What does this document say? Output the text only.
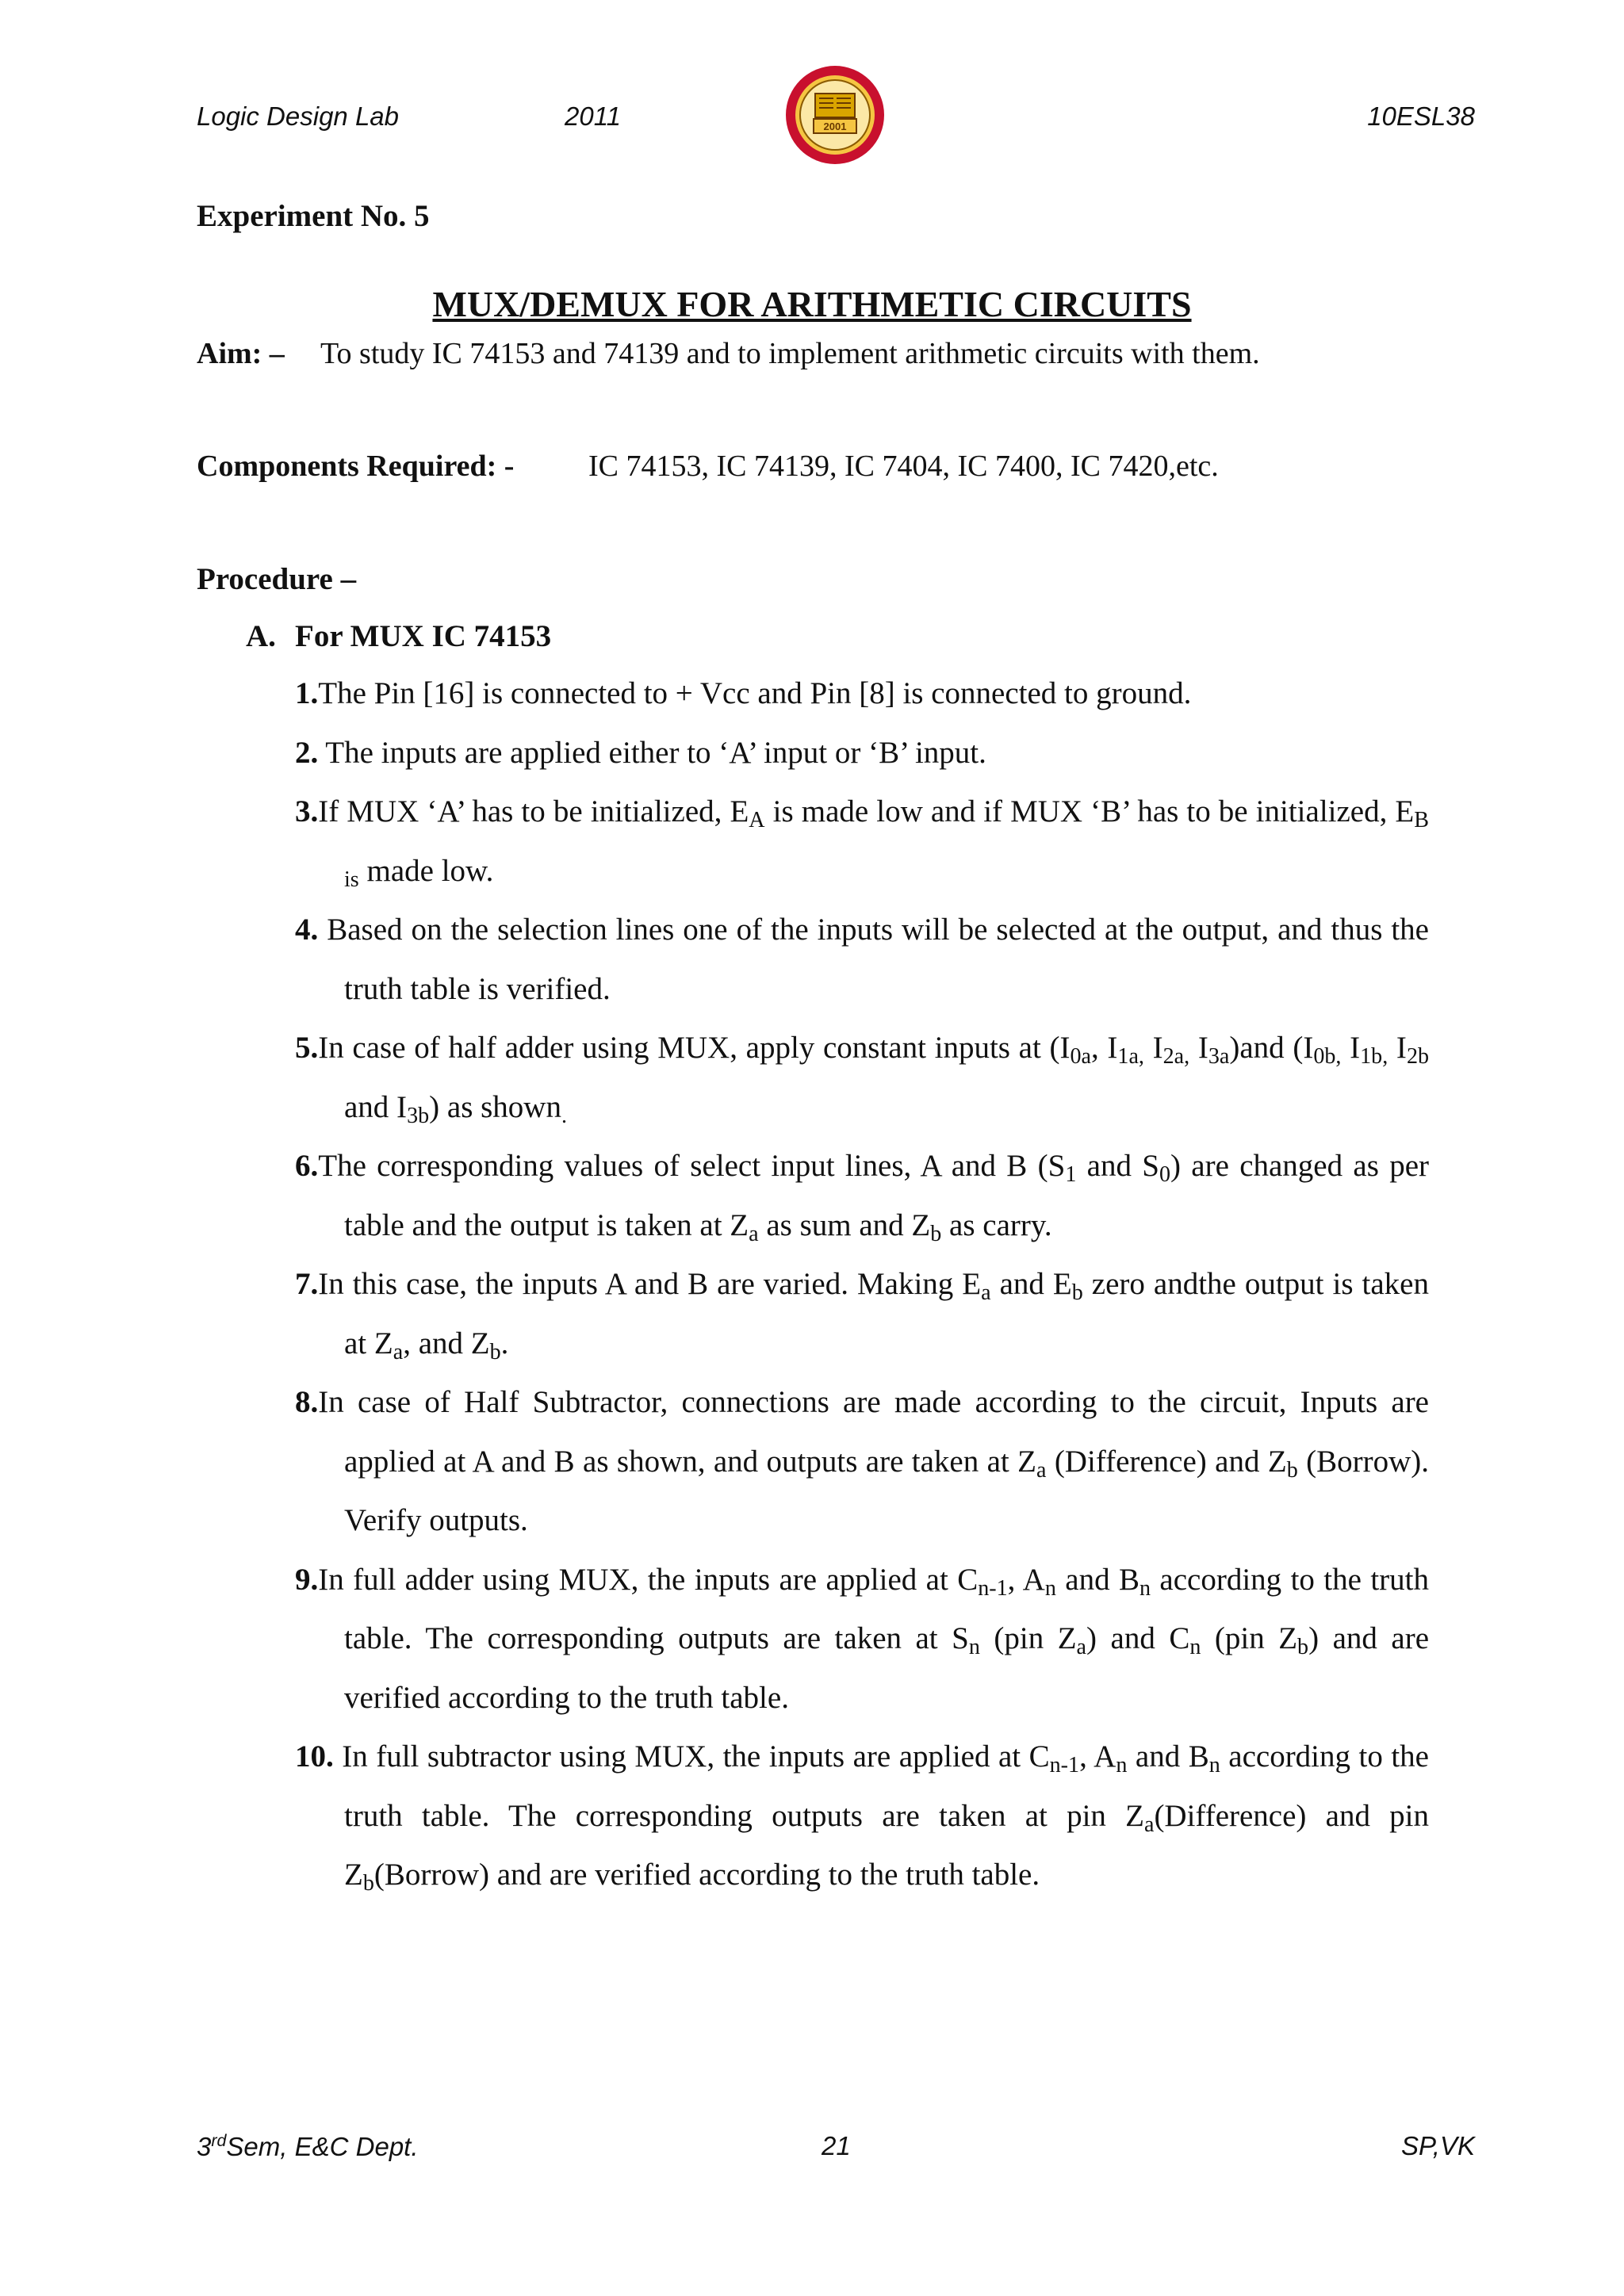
Logic Design Lab	2011	10ESL38
2001
Experiment No. 5
MUX/DEMUX FOR ARITHMETIC CIRCUITS
Aim: – To study IC 74153 and 74139 and to implement arithmetic circuits with them.
Components Required: - IC 74153, IC 74139, IC 7404, IC 7400, IC 7420,etc.
Procedure –
A. For MUX IC 74153
1.The Pin [16] is connected to + Vcc and Pin [8] is connected to ground.
2. The inputs are applied either to ‘A’ input or ‘B’ input.
3.If MUX ‘A’ has to be initialized, $E_A$ is made low and if MUX ‘B’ has to be initialized, $E_{B is}$ made low.
4. Based on the selection lines one of the inputs will be selected at the output, and thus the truth table is verified.
5.In case of half adder using MUX, apply constant inputs at ($I_{0a}$, $I_{1a,}$ $I_{2a,}$ $I_{3a})and$ ($I_{0b,}$ $I_{1b,}$ $I_{2b}$ and $I_{3b}$) as shown$_.$
6.The corresponding values of select input lines, A and B ($S_1$ and $S_0$) are changed as per table and the output is taken at $Z_a$ as sum and $Z_b$ as carry.
7.In this case, the inputs A and B are varied. Making $E_a$ and $E_b$ zero andthe output is taken at $Z_a$, and $Z_b$.
8.In case of Half Subtractor, connections are made according to the circuit, Inputs are applied at A and B as shown, and outputs are taken at $Z_a$ (Difference) and $Z_b$ (Borrow). Verify outputs.
9.In full adder using MUX, the inputs are applied at $C_{n-1}$, $A_n$ and $B_n$ according to the truth table. The corresponding outputs are taken at $S_n$ (pin $Z_a$) and $C_n$ (pin $Z_b$) and are verified according to the truth table.
10. In full subtractor using MUX, the inputs are applied at $C_{n-1}$, $A_n$ and $B_n$ according to the truth table. The corresponding outputs are taken at pin $Z_a(Difference)$ and pin $Z_b(Borrow)$ and are verified according to the truth table.
3rdSem, E&C Dept.	21	SP,VK
